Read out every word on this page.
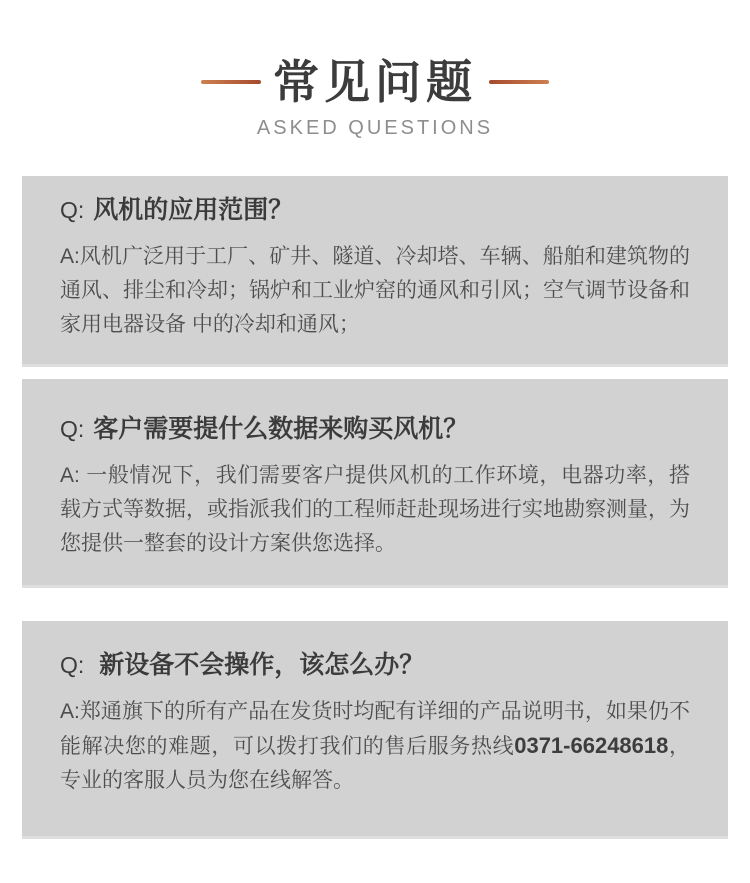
常见问题

ASKED QUESTIONS

Q: 风机的应用范围？

A:风机广泛用于工厂、矿井、隧道、冷却塔、车辆、船舶和建筑物的通风、排尘和冷却；锅炉和工业炉窑的通风和引风；空气调节设备和家用电器设备 中的冷却和通风；

Q: 客户需要提什么数据来购买风机？

A: 一般情况下，我们需要客户提供风机的工作环境，电器功率，搭载方式等数据，或指派我们的工程师赶赴现场进行实地勘察测量，为您提供一整套的设计方案供您选择。

Q: 新设备不会操作，该怎么办？

A:郑通旗下的所有产品在发货时均配有详细的产品说明书，如果仍不能解决您的难题，可以拨打我们的售后服务热线0371-66248618，专业的客服人员为您在线解答。
